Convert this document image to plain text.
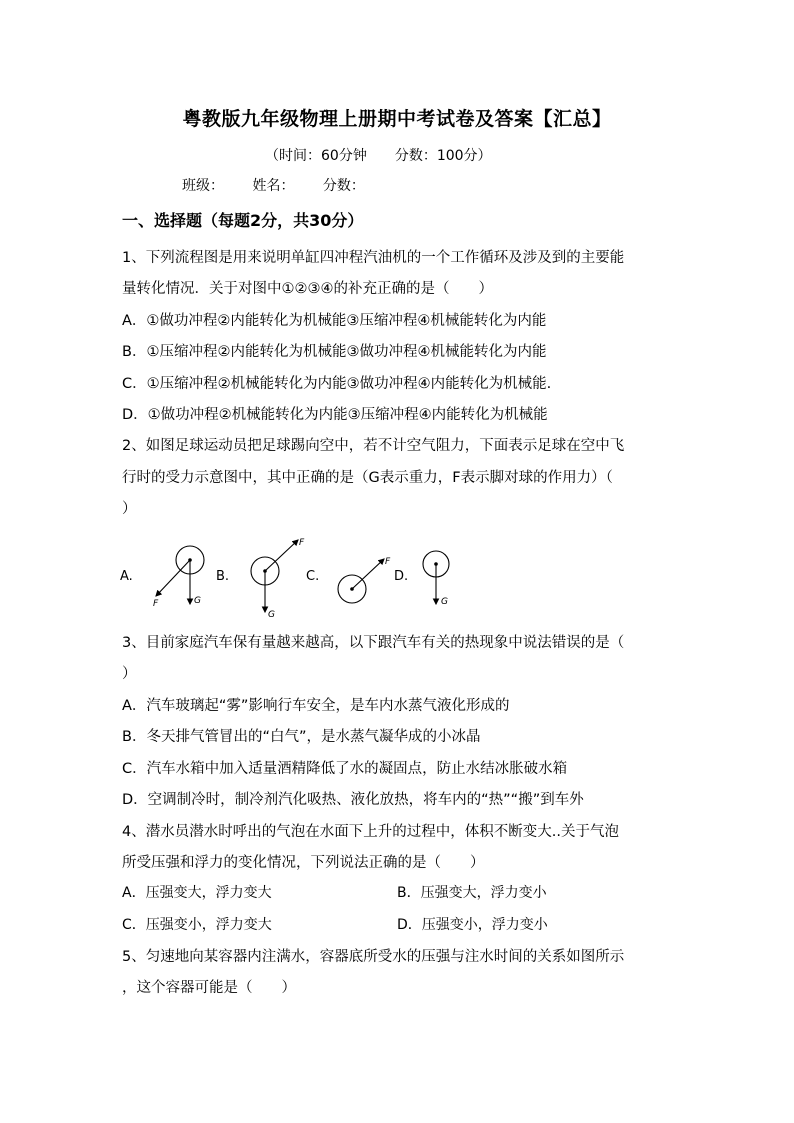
粤教版九年级物理上册期中考试卷及答案【汇总】
（时间：60分钟 分数：100分）
班级： 姓名： 分数：
一、选择题（每题2分，共30分）
1、下列流程图是用来说明单缸四冲程汽油机的一个工作循环及涉及到的主要能
量转化情况．关于对图中①②③④的补充正确的是（　　）
A．①做功冲程②内能转化为机械能③压缩冲程④机械能转化为内能
B．①压缩冲程②内能转化为机械能③做功冲程④机械能转化为内能
C．①压缩冲程②机械能转化为内能③做功冲程④内能转化为机械能.
D．①做功冲程②机械能转化为内能③压缩冲程④内能转化为机械能
2、如图足球运动员把足球踢向空中，若不计空气阻力，下面表示足球在空中飞
行时的受力示意图中，其中正确的是（G表示重力，F表示脚对球的作用力）（
）
A.
F	G
B.
F
G
C.
F
D.
G
3、目前家庭汽车保有量越来越高，以下跟汽车有关的热现象中说法错误的是（
）
A．汽车玻璃起“雾”影响行车安全，是车内水蒸气液化形成的
B．冬天排气管冒出的“白气”，是水蒸气凝华成的小冰晶
C．汽车水箱中加入适量酒精降低了水的凝固点，防止水结冰胀破水箱
D．空调制冷时，制冷剂汽化吸热、液化放热，将车内的“热”“搬”到车外
4、潜水员潜水时呼出的气泡在水面下上升的过程中，体积不断变大..关于气泡
所受压强和浮力的变化情况，下列说法正确的是（　　）
A．压强变大，浮力变大	B．压强变大，浮力变小
C．压强变小，浮力变大	D．压强变小，浮力变小
5、匀速地向某容器内注满水，容器底所受水的压强与注水时间的关系如图所示
，这个容器可能是（　　）
